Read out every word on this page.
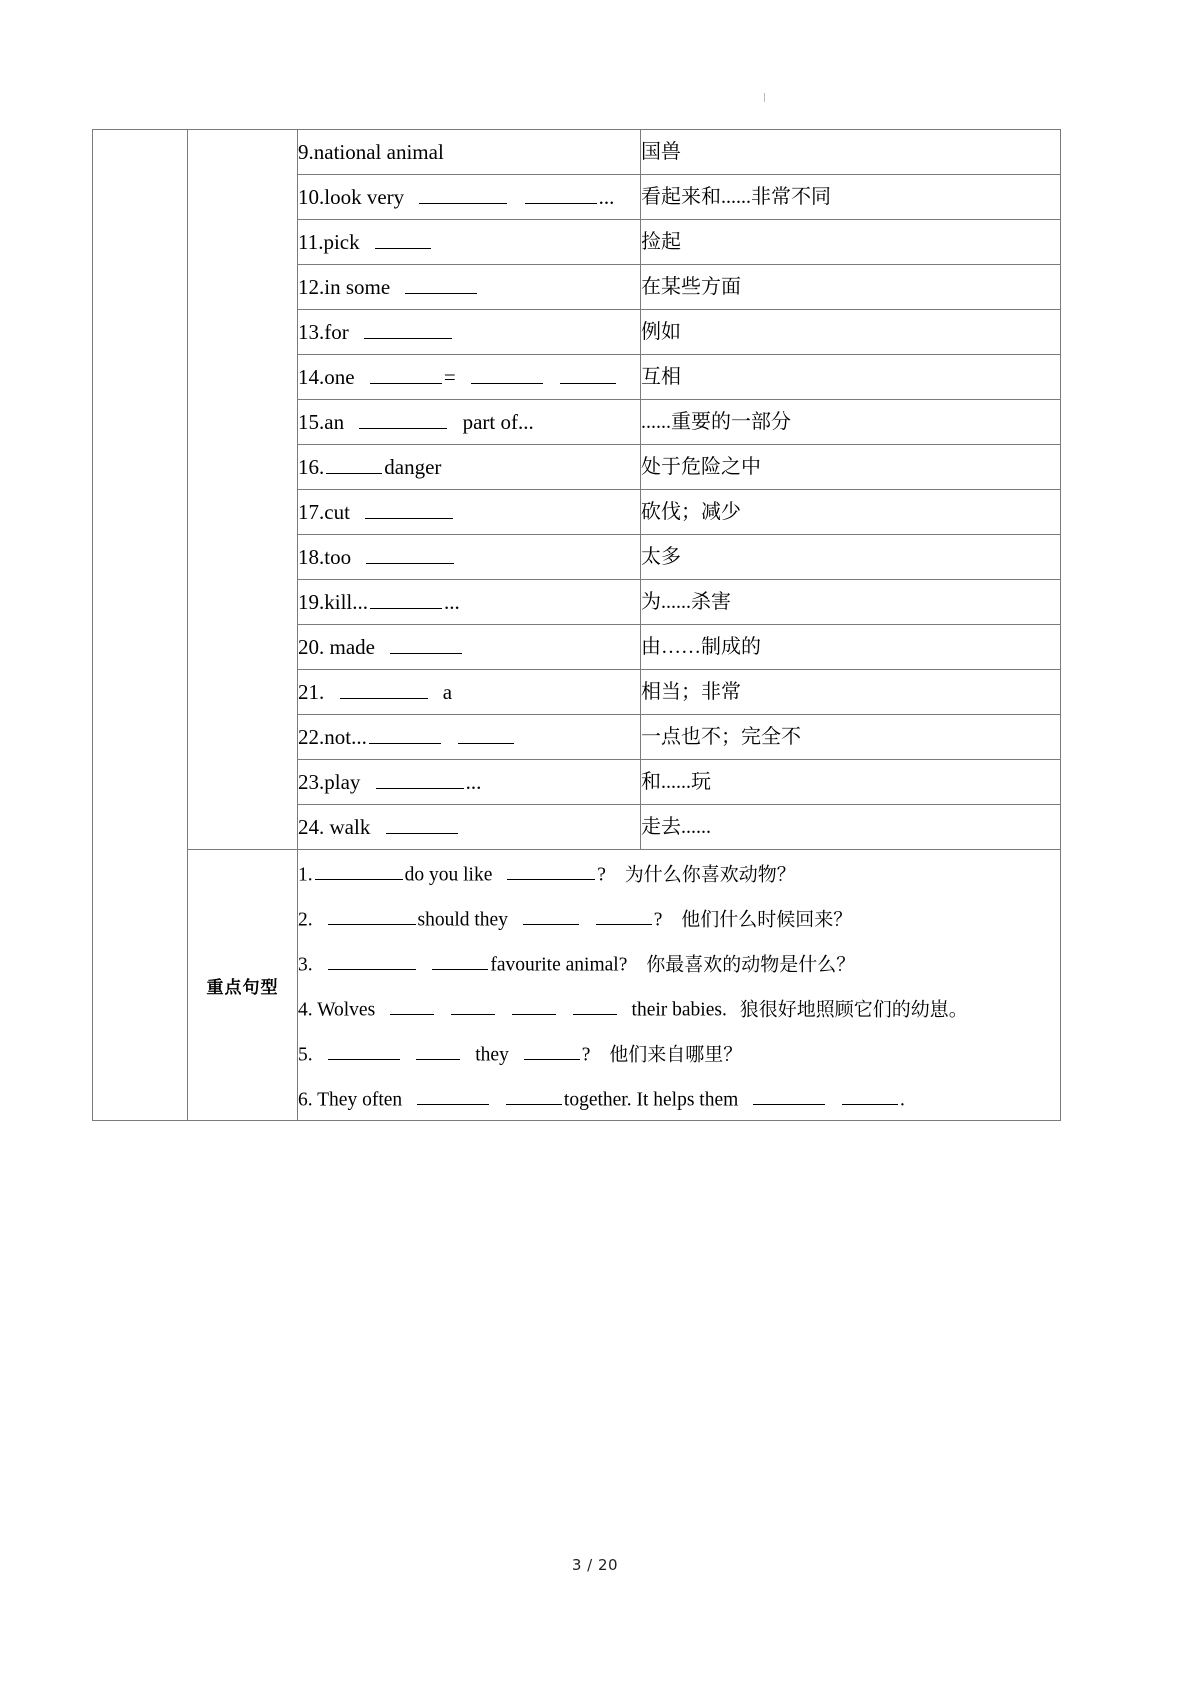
		9.national animal	国兽
		10.look very ...	看起来和......非常不同
		11.pick	捡起
		12.in some	在某些方面
		13.for	例如
		14.one =	互相
		15.an part of...	......重要的一部分
		16. danger	处于危险之中
		17.cut	砍伐；减少
		18.too	太多
		19.kill... ...	为......杀害
		20. made	由……制成的
		21. a	相当；非常
		22.not...	一点也不；完全不
		23.play ...	和......玩
		24. walk	走去......
重点句型	
1.	do you like	? 为什么你喜欢动物？
2.	should they	? 他们什么时候回来？
3.	favourite animal? 你最喜欢的动物是什么？
4. Wolves	their babies. 狼很好地照顾它们的幼崽。
5.	they	? 他们来自哪里？
6. They often	together. It helps them	.
3 / 20
